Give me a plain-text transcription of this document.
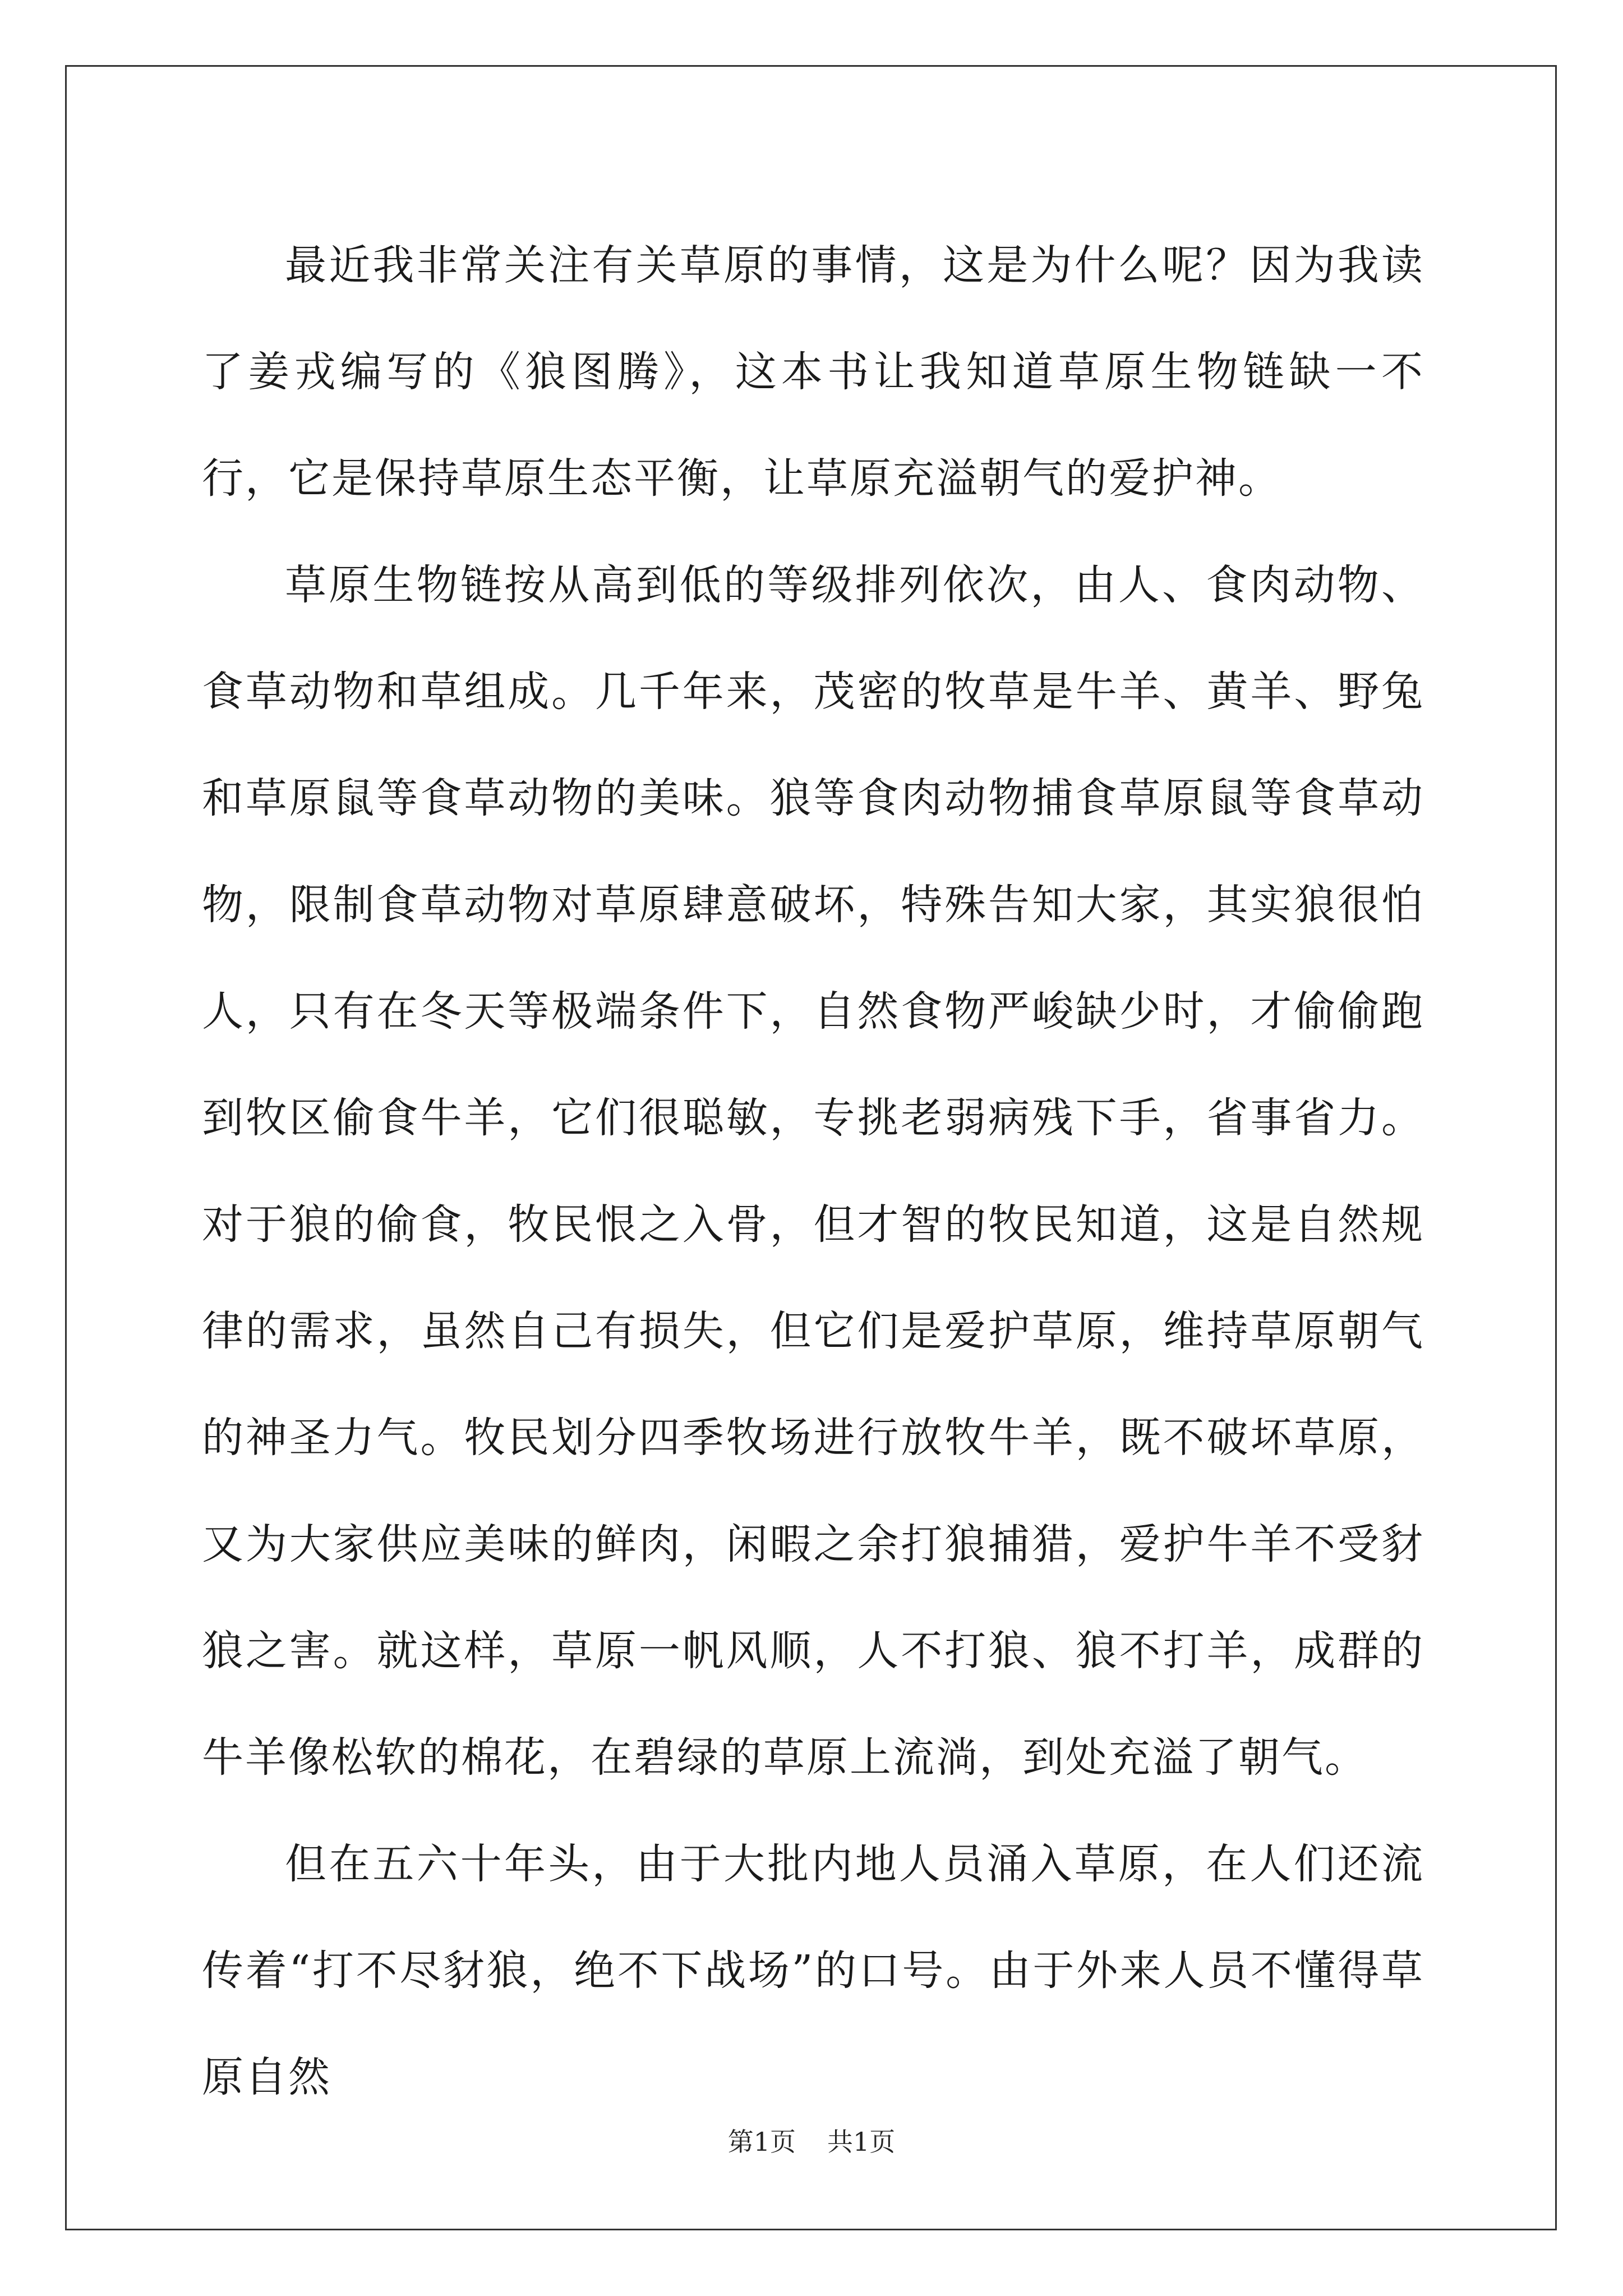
最近我非常关注有关草原的事情，这是为什么呢？因为我读了姜戎编写的《狼图腾》，这本书让我知道草原生物链缺一不行，它是保持草原生态平衡，让草原充溢朝气的爱护神。

草原生物链按从高到低的等级排列依次，由人、食肉动物、食草动物和草组成。几千年来，茂密的牧草是牛羊、黄羊、野兔和草原鼠等食草动物的美味。狼等食肉动物捕食草原鼠等食草动物，限制食草动物对草原肆意破坏，特殊告知大家，其实狼很怕人，只有在冬天等极端条件下，自然食物严峻缺少时，才偷偷跑到牧区偷食牛羊，它们很聪敏，专挑老弱病残下手，省事省力。对于狼的偷食，牧民恨之入骨，但才智的牧民知道，这是自然规律的需求，虽然自己有损失，但它们是爱护草原，维持草原朝气的神圣力气。牧民划分四季牧场进行放牧牛羊，既不破坏草原，又为大家供应美味的鲜肉，闲暇之余打狼捕猎，爱护牛羊不受豺狼之害。就这样，草原一帆风顺，人不打狼、狼不打羊，成群的牛羊像松软的棉花，在碧绿的草原上流淌，到处充溢了朝气。

但在五六十年头，由于大批内地人员涌入草原，在人们还流传着“打不尽豺狼，绝不下战场”的口号。由于外来人员不懂得草原自然

第1页 共1页
